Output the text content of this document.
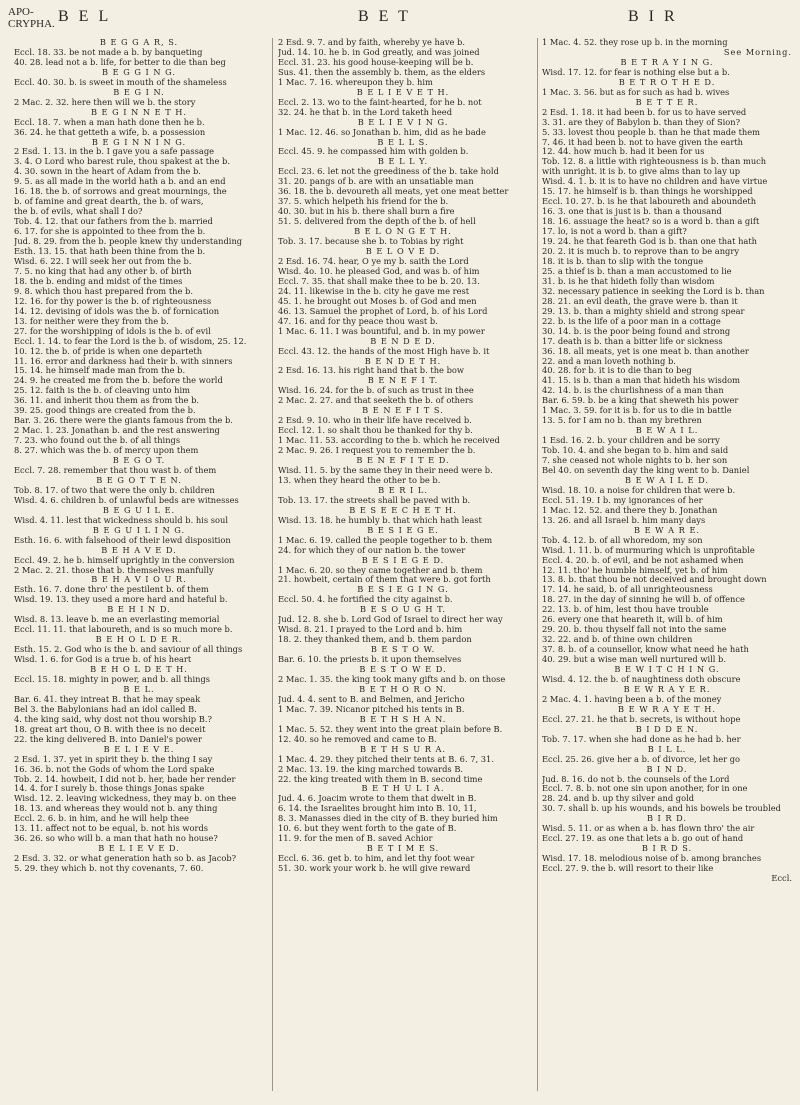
APO-
CRYPHA. B E L	B E T	B I R
B E G G A R, S.
Eccl. 18. 33. be not made a b. by banqueting
40. 28. lead not a b. life, for better to die than beg
B E G G I N G.
Eccl. 40. 30. b. is sweet in mouth of the shameless
B E G I N.
2 Mac. 2. 32. here then will we b. the story
B E G I N N E T H.
Eccl. 18. 7. when a man hath done then he b.
36. 24. he that getteth a wife, b. a possession
B E G I N N I N G.
2 Esd. 1. 13. in the b. I gave you a safe passage
3. 4. O Lord who barest rule, thou spakest at the b.
4. 30. sown in the heart of Adam from the b.
9. 5. as all made in the world hath a b. and an end
16. 18. the b. of sorrows and great mournings, the
b. of famine and great dearth, the b. of wars,
the b. of evils, what shall I do?
Tob. 4. 12. that our fathers from the b. married
6. 17. for she is appointed to thee from the b.
Jud. 8. 29. from the b. people knew thy understanding
Esth. 13. 15. that hath been thine from the b.
Wisd. 6. 22. I will seek her out from the b.
7. 5. no king that had any other b. of birth
18. the b. ending and midst of the times
9. 8. which thou hast prepared from the b.
12. 16. for thy power is the b. of righteousness
14. 12. devising of idols was the b. of fornication
13. for neither were they from the b.
27. for the worshipping of idols is the b. of evil
Eccl. 1. 14. to fear the Lord is the b. of wisdom, 25. 12.
10. 12. the b. of pride is when one departeth
11. 16. error and darkness had their b. with sinners
15. 14. he himself made man from the b.
24. 9. he created me from the b. before the world
25. 12. faith is the b. of cleaving unto him
36. 11. and inherit thou them as from the b.
39. 25. good things are created from the b.
Bar. 3. 26. there were the giants famous from the b.
2 Mac. 1. 23. Jonathan b. and the rest answering
7. 23. who found out the b. of all things
8. 27. which was the b. of mercy upon them
B E G O T.
Eccl. 7. 28. remember that thou wast b. of them
B E G O T T E N.
Tob. 8. 17. of two that were the only b. children
Wisd. 4. 6. children b. of unlawful beds are witnesses
B E G U I L E.
Wisd. 4. 11. lest that wickedness should b. his soul
B E G U I L I N G.
Esth. 16. 6. with falsehood of their lewd disposition
B E H A V E D.
Eccl. 49. 2. he b. himself uprightly in the conversion
2 Mac. 2. 21. those that b. themselves manfully
B E H A V I O U R.
Esth. 16. 7. done thro' the pestilent b. of them
Wisd. 19. 13. they used a more hard and hateful b.
B E H I N D.
Wisd. 8. 13. leave b. me an everlasting memorial
Eccl. 11. 11. that laboureth, and is so much more b.
B E H O L D E R.
Esth. 15. 2. God who is the b. and saviour of all things
Wisd. 1. 6. for God is a true b. of his heart
B E H O L D E T H.
Eccl. 15. 18. mighty in power, and b. all things
B E L.
Bar. 6. 41. they intreat B. that he may speak
Bel 3. the Babylonians had an idol called B.
4. the king said, why dost not thou worship B.?
18. great art thou, O B. with thee is no deceit
22. the king delivered B. into Daniel's power
B E L I E V E.
2 Esd. 1. 37. yet in spirit they b. the thing I say
16. 36. b. not the Gods of whom the Lord spake
Tob. 2. 14. howbeit, I did not b. her, bade her render
14. 4. for I surely b. those things Jonas spake
Wisd. 12. 2. leaving wickedness, they may b. on thee
18. 13. and whereas they would not b. any thing
Eccl. 2. 6. b. in him, and he will help thee
13. 11. affect not to be equal, b. not his words
36. 26. so who will b. a man that hath no house?
B E L I E V E D.
2 Esd. 3. 32. or what generation hath so b. as Jacob?
5. 29. they which b. not thy covenants, 7. 60.
2 Esd. 9. 7. and by faith, whereby ye have b.
Jud. 14. 10. he b. in God greatly, and was joined
Eccl. 31. 23. his good house-keeping will be b.
Sus. 41. then the assembly b. them, as the elders
1 Mac. 7. 16. whereupon they b. him
B E L I E V E T H.
Eccl. 2. 13. wo to the faint-hearted, for he b. not
32. 24. he that b. in the Lord taketh heed
B E L I E V I N G.
1 Mac. 12. 46. so Jonathan b. him, did as he bade
B E L L S.
Eccl. 45. 9. he compassed him with golden b.
B E L L Y.
Eccl. 23. 6. let not the greediness of the b. take hold
31. 20. pangs of b. are with an unsatiable man
36. 18. the b. devoureth all meats, yet one meat better
37. 5. which helpeth his friend for the b.
40. 30. but in his b. there shall burn a fire
51. 5. delivered from the depth of the b. of hell
B E L O N G E T H.
Tob. 3. 17. because she b. to Tobias by right
B E L O V E D.
2 Esd. 16. 74. hear, O ye my b. saith the Lord
Wisd. 4o. 10. he pleased God, and was b. of him
Eccl. 7. 35. that shall make thee to be b. 20. 13.
24. 11. likewise in the b. city he gave me rest
45. 1. he brought out Moses b. of God and men
46. 13. Samuel the prophet of Lord, b. of his Lord
47. 16. and for thy peace thou wast b.
1 Mac. 6. 11. I was bountiful, and b. in my power
B E N D E D.
Eccl. 43. 12. the hands of the most High have b. it
B E N D E T H.
2 Esd. 16. 13. his right hand that b. the bow
B E N E F I T.
Wisd. 16. 24. for the b. of such as trust in thee
2 Mac. 2. 27. and that seeketh the b. of others
B E N E F I T S.
2 Esd. 9. 10. who in their life have received b.
Eccl. 12. 1. so shalt thou be thanked for thy b.
1 Mac. 11. 53. according to the b. which he received
2 Mac. 9. 26. I request you to remember the b.
B E N E F I T E D.
Wisd. 11. 5. by the same they in their need were b.
13. when they heard the other to be b.
B E R I L.
Tob. 13. 17. the streets shall be paved with b.
B E S E E C H E T H.
Wisd. 13. 18. he humbly b. that which hath least
B E S I E G E.
1 Mac. 6. 19. called the people together to b. them
24. for which they of our nation b. the tower
B E S I E G E D.
1 Mac. 6. 20. so they came together and b. them
21. howbeit, certain of them that were b. got forth
B E S I E G I N G.
Eccl. 50. 4. he fortified the city against b.
B E S O U G H T.
Jud. 12. 8. she b. Lord God of Israel to direct her way
Wisd. 8. 21. I prayed to the Lord and b. him
18. 2. they thanked them, and b. them pardon
B E S T O W.
Bar. 6. 10. the priests b. it upon themselves
B E S T O W E D.
2 Mac. 1. 35. the king took many gifts and b. on those
B E T H O R O N.
Jud. 4. 4. sent to B. and Belmen, and Jericho
1 Mac. 7. 39. Nicanor pitched his tents in B.
B E T H S H A N.
1 Mac. 5. 52. they went into the great plain before B.
12. 40. so he removed and came to B.
B E T H S U R A.
1 Mac. 4. 29. they pitched their tents at B. 6. 7, 31.
2 Mac. 13. 19. the king marched towards B.
22. the king treated with them in B. second time
B E T H U L I A.
Jud. 4. 6. Joacim wrote to them that dwelt in B.
6. 14. the Israelites brought him into B. 10, 11,
8. 3. Manasses died in the city of B. they buried him
10. 6. but they went forth to the gate of B.
11. 9. for the men of B. saved Achior
B E T I M E S.
Eccl. 6. 36. get b. to him, and let thy foot wear
51. 30. work your work b. he will give reward
1 Mac. 4. 52. they rose up b. in the morning
See Morning.
B E T R A Y I N G.
Wisd. 17. 12. for fear is nothing else but a b.
B E T R O T H E D.
1 Mac. 3. 56. but as for such as had b. wives
B E T T E R.
2 Esd. 1. 18. it had been b. for us to have served
3. 31. are they of Babylon b. than they of Sion?
5. 33. lovest thou people b. than he that made them
7. 46. it had been b. not to have given the earth
12. 44. how much b. had it been for us
Tob. 12. 8. a little with righteousness is b. than much
with unright. it is b. to give alms than to lay up
Wisd. 4. 1. b. it is to have no children and have virtue
15. 17. he himself is b. than things he worshipped
Eccl. 10. 27. b. is he that laboureth and aboundeth
16. 3. one that is just is b. than a thousand
18. 16. assuage the heat? so is a word b. than a gift
17. lo, is not a word b. than a gift?
19. 24. he that feareth God is b. than one that hath
20. 2. it is much b. to reprove than to be angry
18. it is b. than to slip with the tongue
25. a thief is b. than a man accustomed to lie
31. b. is he that hideth folly than wisdom
32. necessary patience in seeking the Lord is b. than
28. 21. an evil death, the grave were b. than it
29. 13. b. than a mighty shield and strong spear
22. b. is the life of a poor man in a cottage
30. 14. b. is the poor being found and strong
17. death is b. than a bitter life or sickness
36. 18. all meats, yet is one meat b. than another
22. and a man loveth nothing b.
40. 28. for b. it is to die than to beg
41. 15. is b. than a man that hideth his wisdom
42. 14. b. is the churlishness of a man than
Bar. 6. 59. b. be a king that sheweth his power
1 Mac. 3. 59. for it is b. for us to die in battle
13. 5. for I am no b. than my brethren
B E W A I L.
1 Esd. 16. 2. b. your children and be sorry
Tob. 10. 4. and she began to b. him and said
7. she ceased not whole nights to b. her son
Bel 40. on seventh day the king went to b. Daniel
B E W A I L E D.
Wisd. 18. 10. a noise for children that were b.
Eccl. 51. 19. I b. my ignorances of her
1 Mac. 12. 52. and there they b. Jonathan
13. 26. and all Israel b. him many days
B E W A R E.
Tob. 4. 12. b. of all whoredom, my son
Wisd. 1. 11. b. of murmuring which is unprofitable
Eccl. 4. 20. b. of evil, and be not ashamed when
12. 11. tho' he humble himself, yet b. of him
13. 8. b. that thou be not deceived and brought down
17. 14. he said, b. of all unrighteousness
18. 27. in the day of sinning he will b. of offence
22. 13. b. of him, lest thou have trouble
26. every one that heareth it, will b. of him
29. 20. b. thou thyself fall not into the same
32. 22. and b. of thine own children
37. 8. b. of a counsellor, know what need he hath
40. 29. but a wise man well nurtured will b.
B E W I T C H I N G.
Wisd. 4. 12. the b. of naughtiness doth obscure
B E W R A Y E R.
2 Mac. 4. 1. having been a b. of the money
B E W R A Y E T H.
Eccl. 27. 21. he that b. secrets, is without hope
B I D D E N.
Tob. 7. 17. when she had done as he had b. her
B I L L.
Eccl. 25. 26. give her a b. of divorce, let her go
B I N D.
Jud. 8. 16. do not b. the counsels of the Lord
Eccl. 7. 8. b. not one sin upon another, for in one
28. 24. and b. up thy silver and gold
30. 7. shall b. up his wounds, and his bowels be troubled
B I R D.
Wisd. 5. 11. or as when a b. has flown thro' the air
Eccl. 27. 19. as one that lets a b. go out of hand
B I R D S.
Wisd. 17. 18. melodious noise of b. among branches
Eccl. 27. 9. the b. will resort to their like
Eccl.
